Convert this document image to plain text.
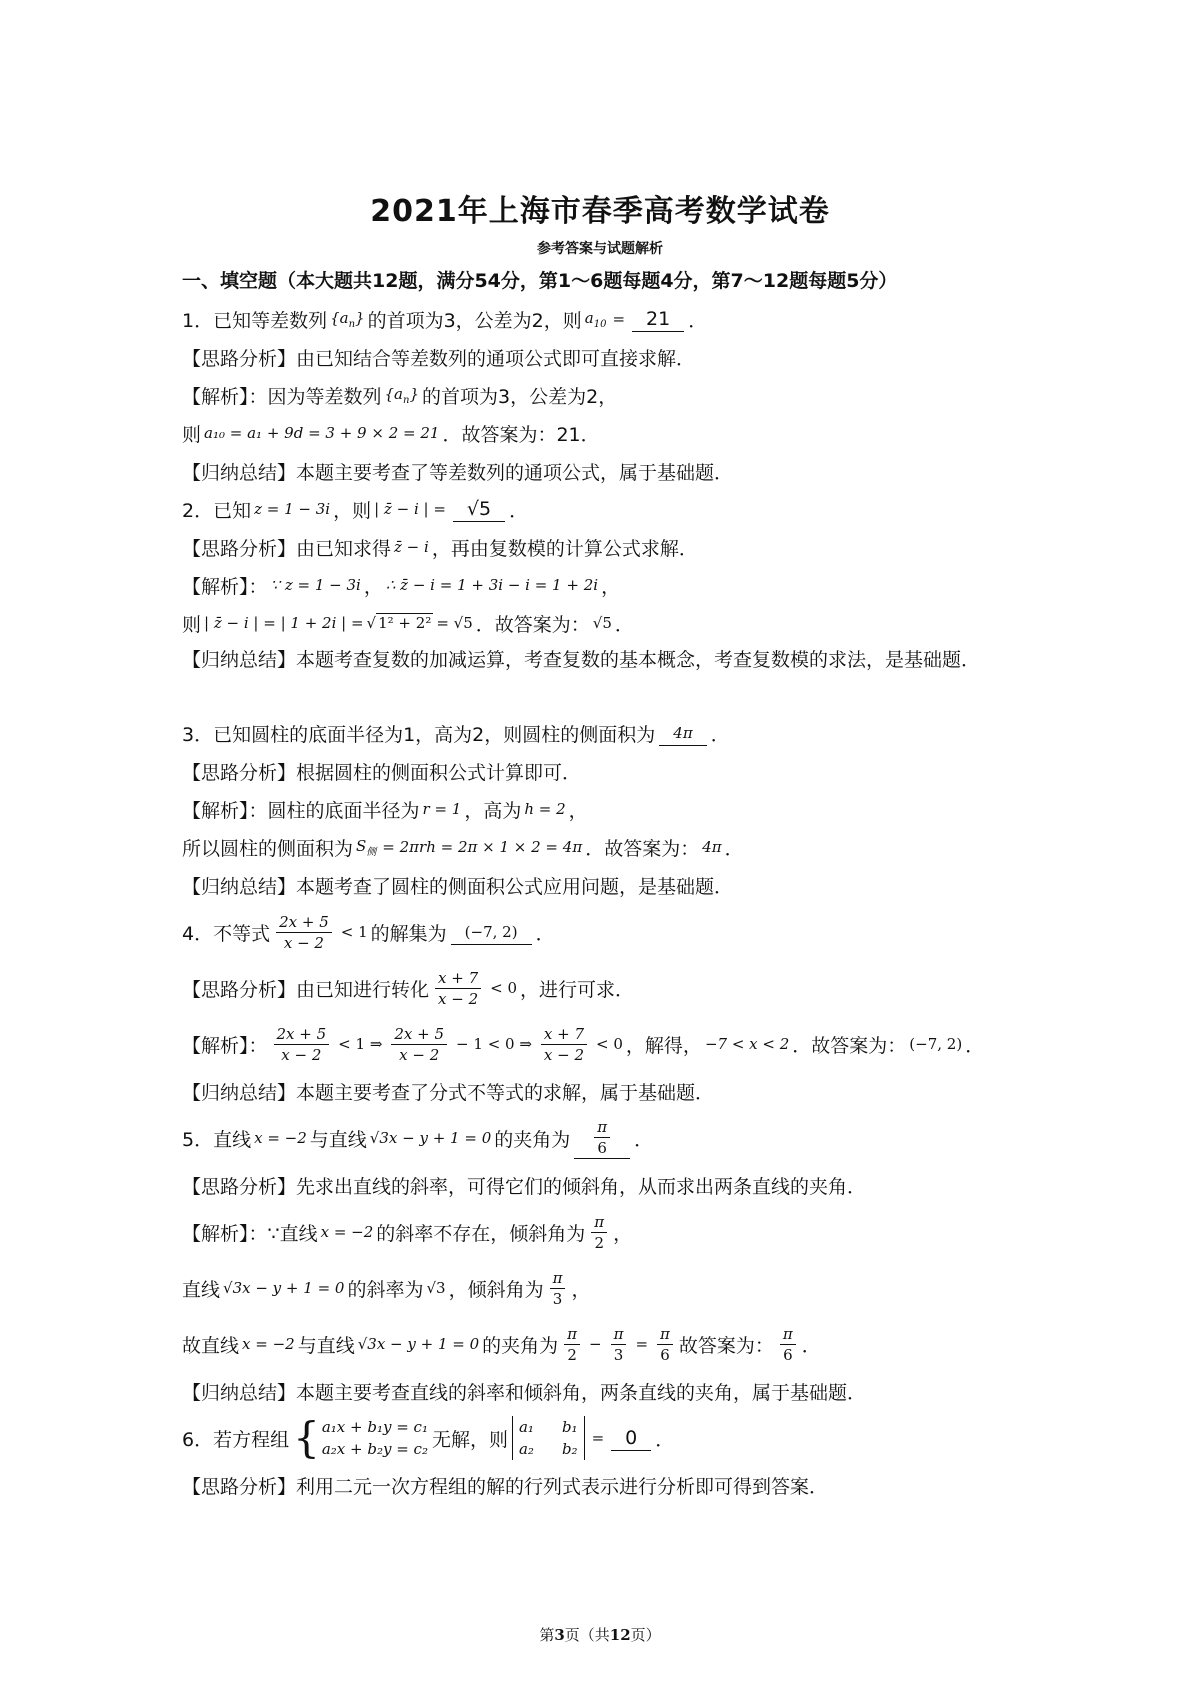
2021年上海市春季高考数学试卷
参考答案与试题解析
一、填空题（本大题共12题，满分54分，第1～6题每题4分，第7～12题每题5分）
1．已知等差数列 $\{a_n\}$ 的首项为3，公差为2，则 $a_{10}$ =	21 ．
【思路分析】由已知结合等差数列的通项公式即可直接求解．
【解析】：因为等差数列 $\{a_n\}$ 的首项为3，公差为2，
则 a₁₀ = a₁ + 9d = 3 + 9 × 2 = 21 ．故答案为：21．
【归纳总结】本题主要考查了等差数列的通项公式，属于基础题．
2．已知 z = 1 − 3i ，则 | z̄ − i | =	√5 ．
【思路分析】由已知求得 z̄ − i ，再由复数模的计算公式求解．
【解析】： ∵ z = 1 − 3i ， ∴ z̄ − i = 1 + 3i − i = 1 + 2i ，
则 | z̄ − i | = | 1 + 2i | = √ 1² + 2² = √5 ．故答案为： √5 ．
【归纳总结】本题考查复数的加减运算，考查复数的基本概念，考查复数模的求法，是基础题．
3．已知圆柱的底面半径为1，高为2，则圆柱的侧面积为	4π ．
【思路分析】根据圆柱的侧面积公式计算即可．
【解析】：圆柱的底面半径为 r = 1 ，高为 h = 2 ，
所以圆柱的侧面积为 $S_侧 = 2\pi rh = 2\pi \times 1 \times 2 = 4\pi$ ．故答案为： 4π ．
【归纳总结】本题考查了圆柱的侧面积公式应用问题，是基础题．
4．不等式 $\frac{2x + 5}{x - 2} < 1$ 的解集为	(−7, 2) ．
【思路分析】由已知进行转化 $\frac{x + 7}{x - 2} < 0$ ，进行可求．
【解析】： $\frac{2x + 5}{x - 2} < 1$ ⇒ $\frac{2x + 5}{x - 2} - 1 < 0$ ⇒ $\frac{x + 7}{x - 2} < 0$ ，解得， −7 < x < 2 ．故答案为： (−7, 2) ．
【归纳总结】本题主要考查了分式不等式的求解，属于基础题．
5．直线 x = −2 与直线 √3x − y + 1 = 0 的夹角为 $\frac{\pi}{6}$ ．
【思路分析】先求出直线的斜率，可得它们的倾斜角，从而求出两条直线的夹角．
【解析】：∵直线 x = −2 的斜率不存在，倾斜角为 $\frac{\pi}{2}$ ，
直线 √3x − y + 1 = 0 的斜率为 √3 ，倾斜角为 $\frac{\pi}{3}$ ，
故直线 x = −2 与直线 √3x − y + 1 = 0 的夹角为 $\frac{\pi}{2} - \frac{\pi}{3} = \frac{\pi}{6}$ 故答案为： $\frac{\pi}{6}$ ．
【归纳总结】本题主要考查直线的斜率和倾斜角，两条直线的夹角，属于基础题．
6．若方程组 { a₁x + b₁y = c₁
a₂x + b₂y = c₂ 无解，则
a₁ b₁
a₂ b₂
=	0 ．
【思路分析】利用二元一次方程组的解的行列式表示进行分析即可得到答案．
第3页（共12页）
